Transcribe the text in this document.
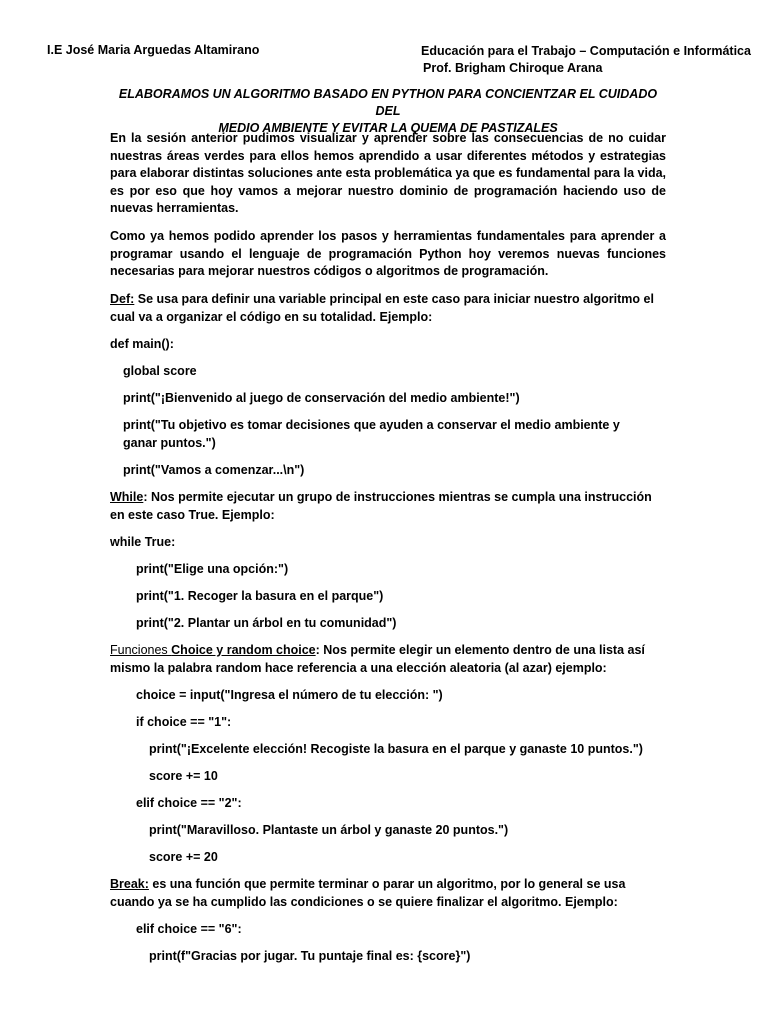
I.E José Maria Arguedas Altamirano	Educación para el Trabajo – Computación e Informática
Prof. Brigham Chiroque Arana
ELABORAMOS UN ALGORITMO BASADO EN PYTHON PARA CONCIENTZAR EL CUIDADO DEL
MEDIO AMBIENTE Y EVITAR LA QUEMA DE PASTIZALES

En la sesión anterior pudimos visualizar y aprender sobre las consecuencias de no cuidar nuestras áreas verdes para ellos hemos aprendido a usar diferentes métodos y estrategias para elaborar distintas soluciones ante esta problemática ya que es fundamental para la vida, es por eso que hoy vamos a mejorar nuestro dominio de programación haciendo uso de nuevas herramientas.

Como ya hemos podido aprender los pasos y herramientas fundamentales para aprender a programar usando el lenguaje de programación Python hoy veremos nuevas funciones necesarias para mejorar nuestros códigos o algoritmos de programación.

Def: Se usa para definir una variable principal en este caso para iniciar nuestro algoritmo el cual va a organizar el código en su totalidad. Ejemplo:

def main():

global score

print("¡Bienvenido al juego de conservación del medio ambiente!")

print("Tu objetivo es tomar decisiones que ayuden a conservar el medio ambiente y ganar puntos.")

print("Vamos a comenzar...\n")

While: Nos permite ejecutar un grupo de instrucciones mientras se cumpla una instrucción en este caso True. Ejemplo:

while True:

print("Elige una opción:")

print("1. Recoger la basura en el parque")

print("2. Plantar un árbol en tu comunidad")

Funciones Choice y random choice: Nos permite elegir un elemento dentro de una lista así mismo la palabra random hace referencia a una elección aleatoria (al azar) ejemplo:

choice = input("Ingresa el número de tu elección: ")

if choice == "1":

print("¡Excelente elección! Recogiste la basura en el parque y ganaste 10 puntos.")

score += 10

elif choice == "2":

print("Maravilloso. Plantaste un árbol y ganaste 20 puntos.")

score += 20

Break: es una función que permite terminar o parar un algoritmo, por lo general se usa cuando ya se ha cumplido las condiciones o se quiere finalizar el algoritmo. Ejemplo:

elif choice == "6":

print(f"Gracias por jugar. Tu puntaje final es: {score}")
